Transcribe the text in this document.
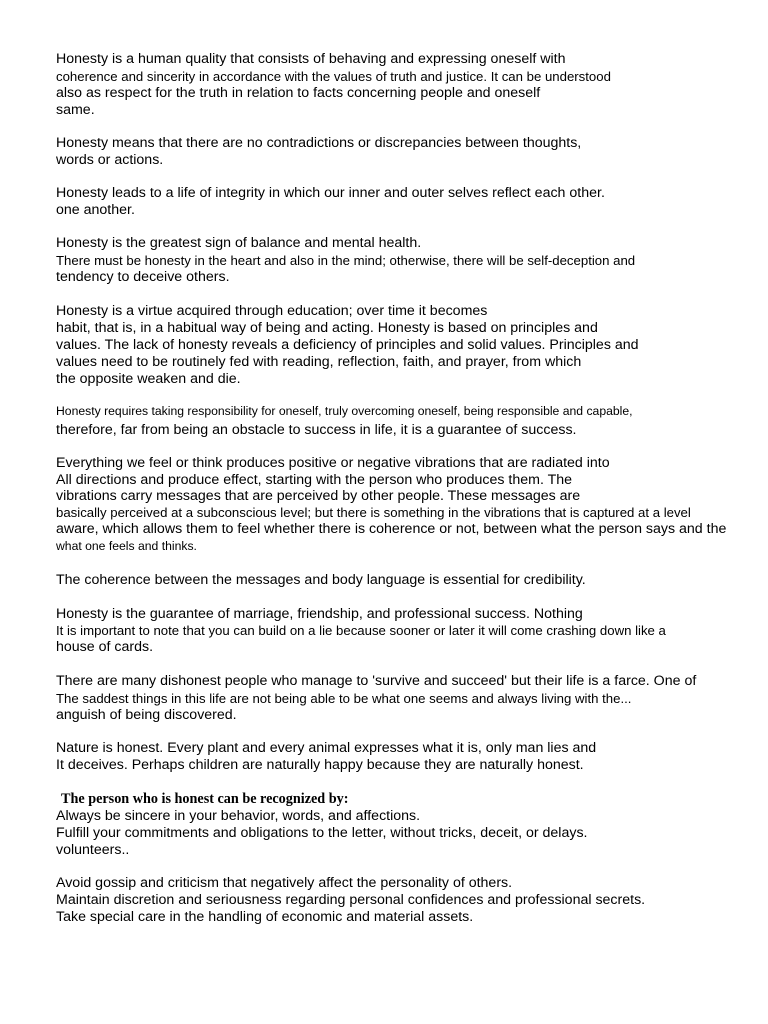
Honesty is a human quality that consists of behaving and expressing oneself with

coherence and sincerity in accordance with the values of truth and justice. It can be understood

also as respect for the truth in relation to facts concerning people and oneself

same.

Honesty means that there are no contradictions or discrepancies between thoughts,

words or actions.

Honesty leads to a life of integrity in which our inner and outer selves reflect each other.

one another.

Honesty is the greatest sign of balance and mental health.

There must be honesty in the heart and also in the mind; otherwise, there will be self-deception and

tendency to deceive others.

Honesty is a virtue acquired through education; over time it becomes

habit, that is, in a habitual way of being and acting. Honesty is based on principles and

values. The lack of honesty reveals a deficiency of principles and solid values. Principles and

values need to be routinely fed with reading, reflection, faith, and prayer, from which

the opposite weaken and die.

Honesty requires taking responsibility for oneself, truly overcoming oneself, being responsible and capable,

therefore, far from being an obstacle to success in life, it is a guarantee of success.

Everything we feel or think produces positive or negative vibrations that are radiated into

All directions and produce effect, starting with the person who produces them. The

vibrations carry messages that are perceived by other people. These messages are

basically perceived at a subconscious level; but there is something in the vibrations that is captured at a level

aware, which allows them to feel whether there is coherence or not, between what the person says and the

what one feels and thinks.

The coherence between the messages and body language is essential for credibility.

Honesty is the guarantee of marriage, friendship, and professional success. Nothing

It is important to note that you can build on a lie because sooner or later it will come crashing down like a

house of cards.

There are many dishonest people who manage to 'survive and succeed' but their life is a farce. One of

The saddest things in this life are not being able to be what one seems and always living with the...

anguish of being discovered.

Nature is honest. Every plant and every animal expresses what it is, only man lies and

It deceives. Perhaps children are naturally happy because they are naturally honest.

The person who is honest can be recognized by:

Always be sincere in your behavior, words, and affections.

Fulfill your commitments and obligations to the letter, without tricks, deceit, or delays.

volunteers..

Avoid gossip and criticism that negatively affect the personality of others.

Maintain discretion and seriousness regarding personal confidences and professional secrets.

Take special care in the handling of economic and material assets.
